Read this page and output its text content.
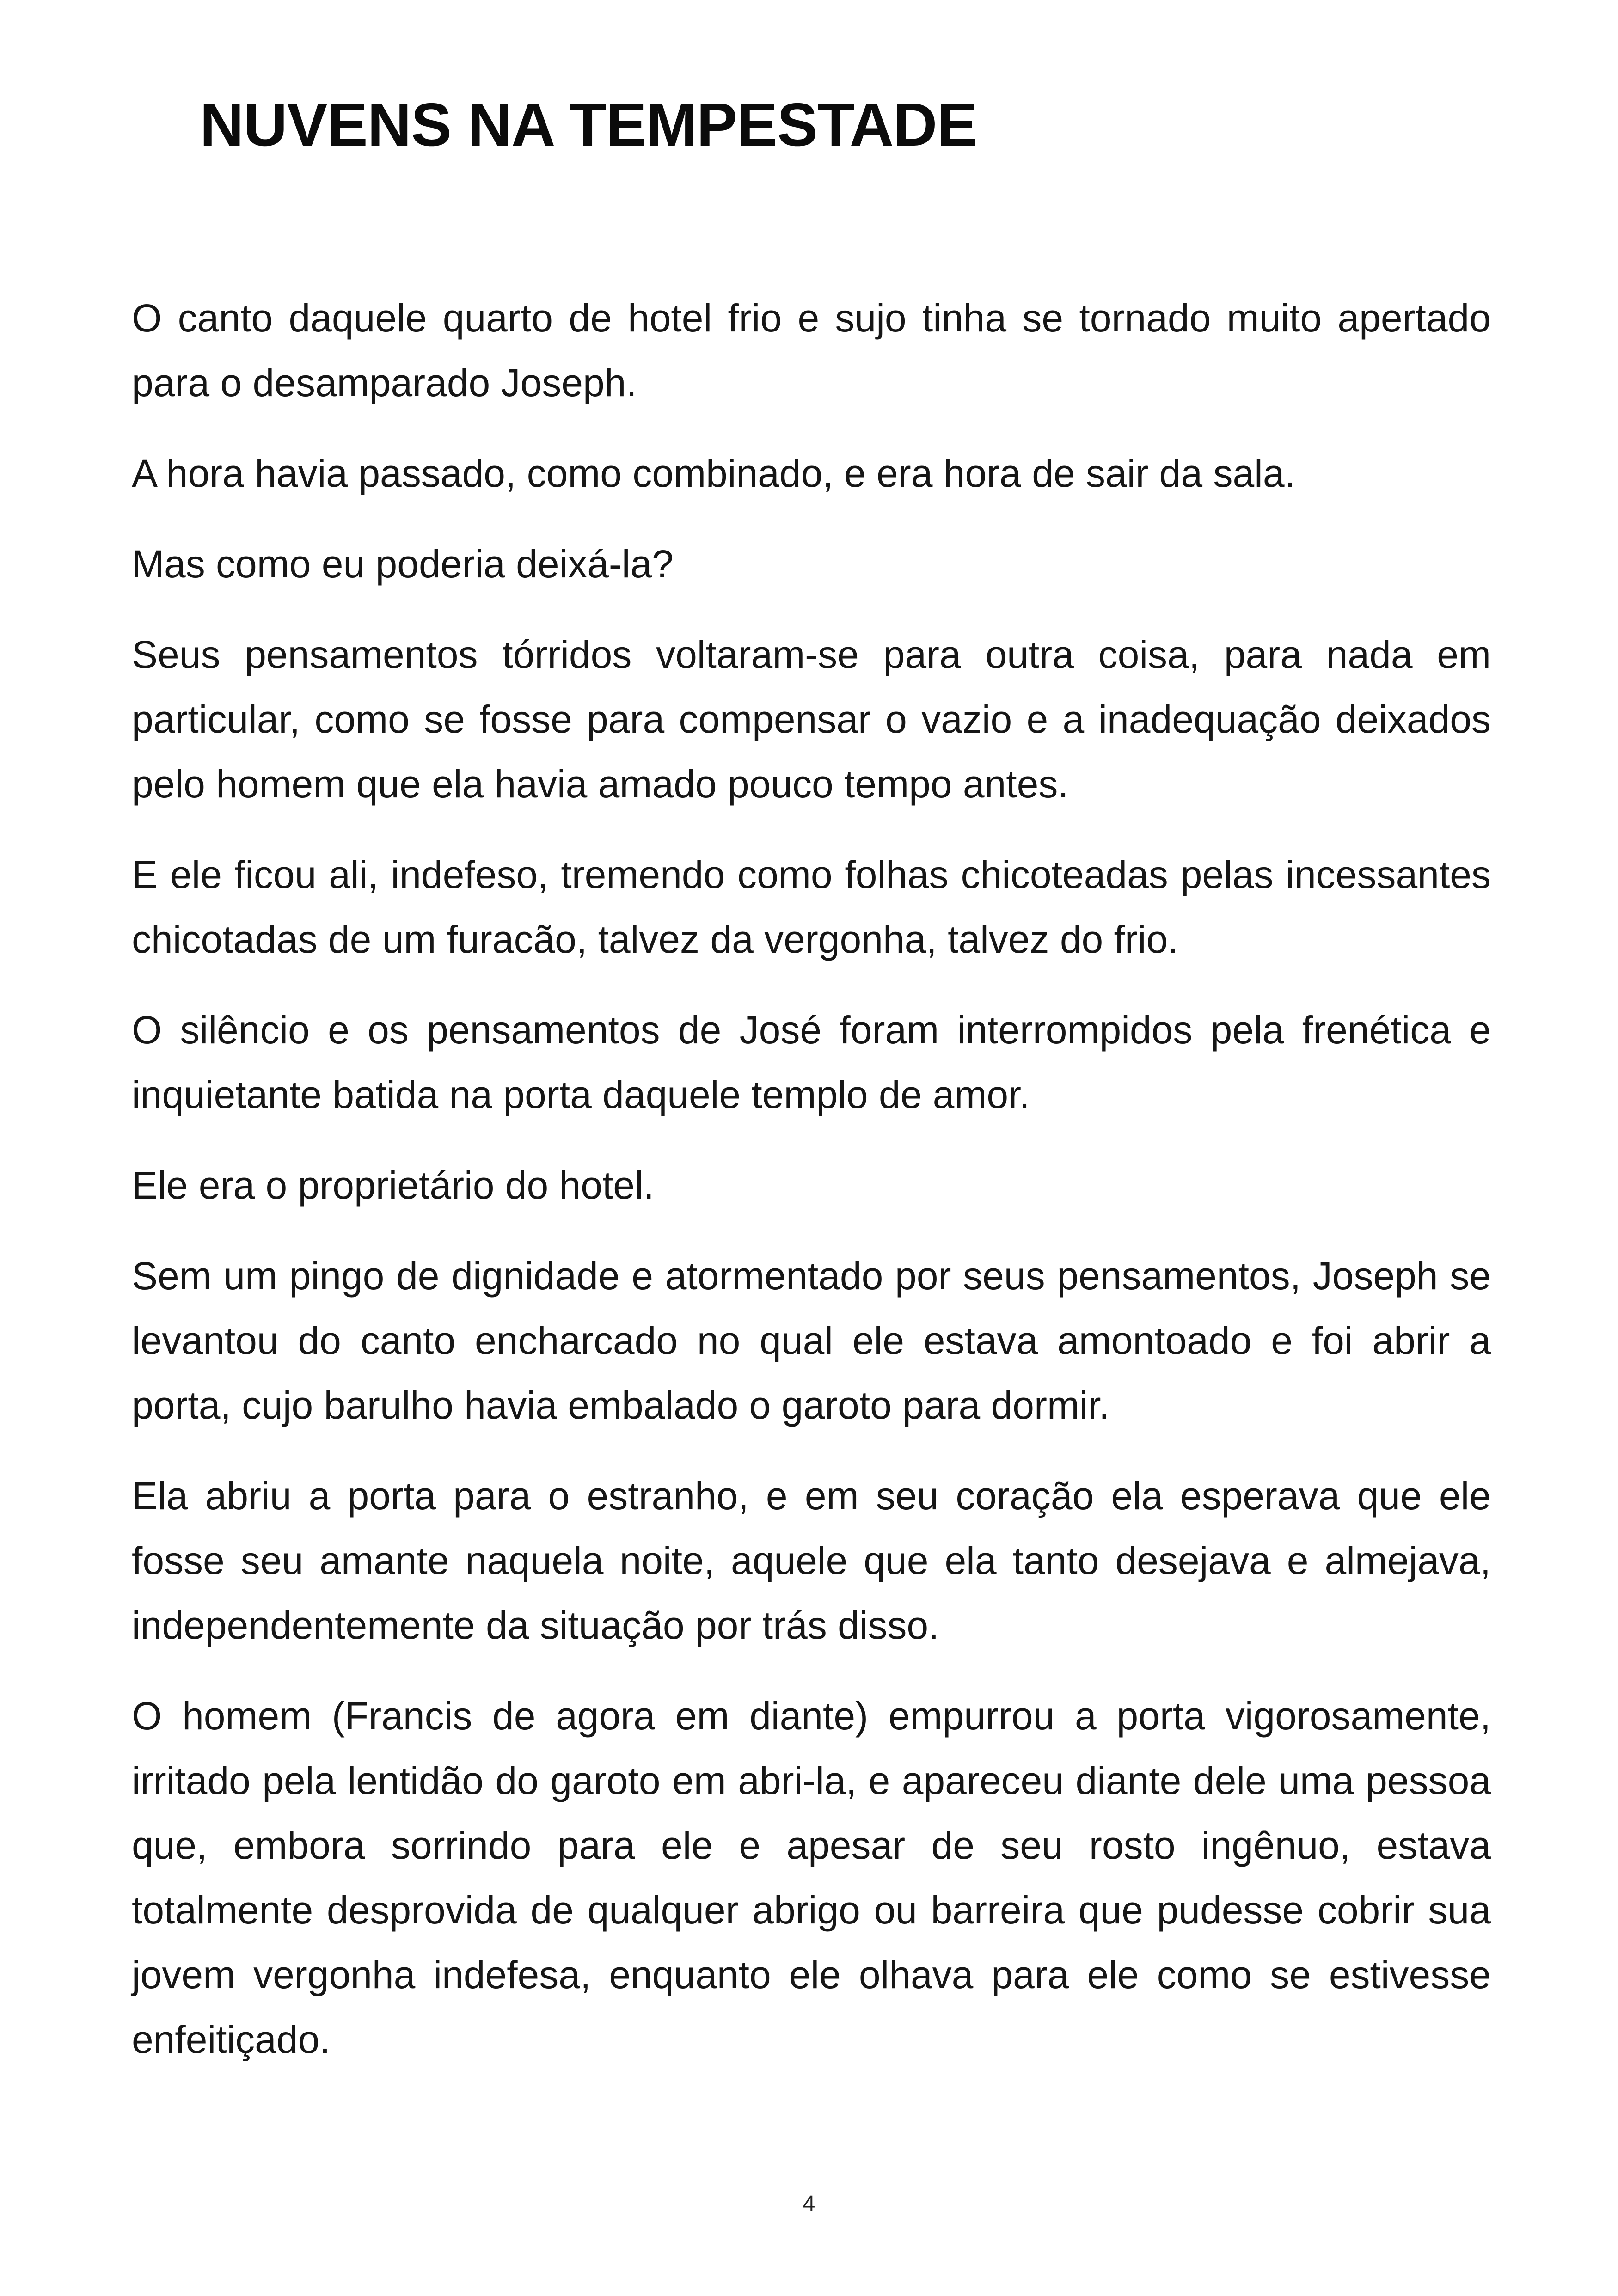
NUVENS NA TEMPESTADE

O canto daquele quarto de hotel frio e sujo tinha se tornado muito apertado para o desamparado Joseph.

A hora havia passado, como combinado, e era hora de sair da sala.

Mas como eu poderia deixá-la?

Seus pensamentos tórridos voltaram-se para outra coisa, para nada em particular, como se fosse para compensar o vazio e a inadequação deixados pelo homem que ela havia amado pouco tempo antes.

E ele ficou ali, indefeso, tremendo como folhas chicoteadas pelas incessantes chicotadas de um furacão, talvez da vergonha, talvez do frio.

O silêncio e os pensamentos de José foram interrompidos pela frenética e inquietante batida na porta daquele templo de amor.

Ele era o proprietário do hotel.

Sem um pingo de dignidade e atormentado por seus pensamentos, Joseph se levantou do canto encharcado no qual ele estava amontoado e foi abrir a porta, cujo barulho havia embalado o garoto para dormir.

Ela abriu a porta para o estranho, e em seu coração ela esperava que ele fosse seu amante naquela noite, aquele que ela tanto desejava e almejava, independentemente da situação por trás disso.

O homem (Francis de agora em diante) empurrou a porta vigorosamente, irritado pela lentidão do garoto em abri-la, e apareceu diante dele uma pessoa que, embora sorrindo para ele e apesar de seu rosto ingênuo, estava totalmente desprovida de qualquer abrigo ou barreira que pudesse cobrir sua jovem vergonha indefesa, enquanto ele olhava para ele como se estivesse enfeitiçado.

4
